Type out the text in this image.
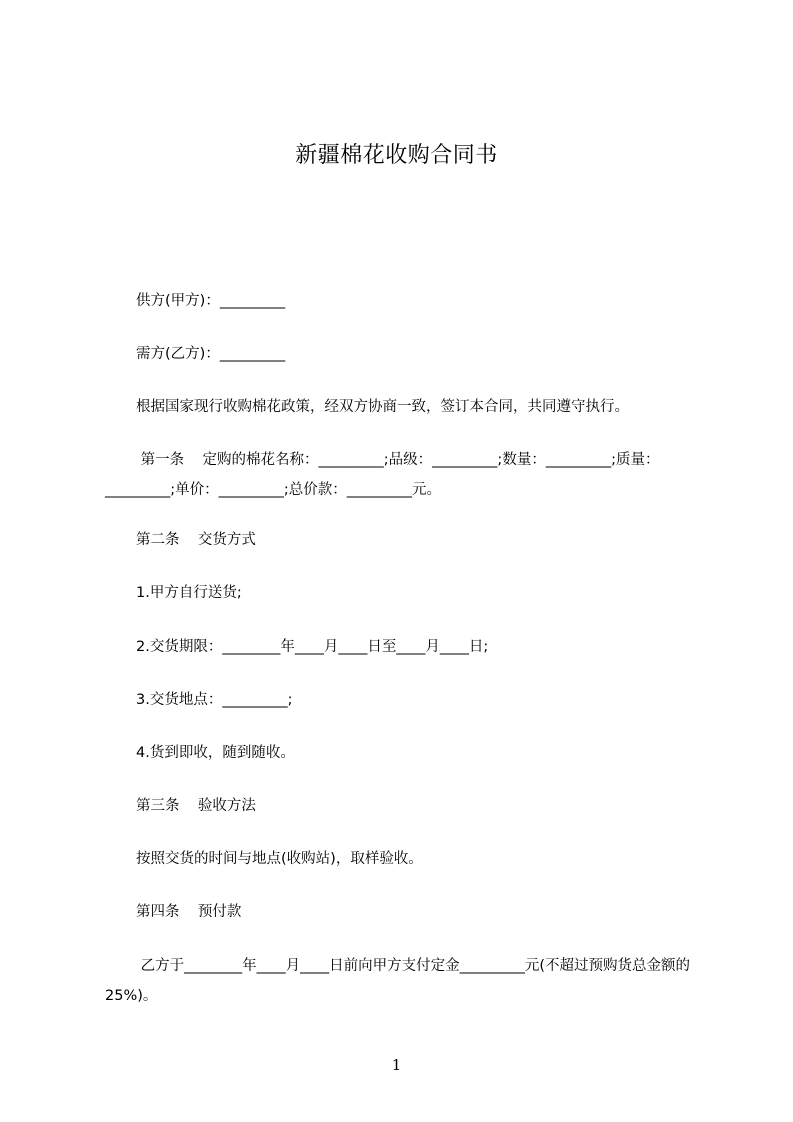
新疆棉花收购合同书

供方(甲方)：_________

需方(乙方)：_________

根据国家现行收购棉花政策，经双方协商一致，签订本合同，共同遵守执行。

第一条    定购的棉花名称：_________;品级：_________;数量：_________;质量：_________;单价：_________;总价款：_________元。

第二条    交货方式

1.甲方自行送货;

2.交货期限：________年____月____日至____月____日;

3.交货地点：_________;

4.货到即收，随到随收。

第三条    验收方法

按照交货的时间与地点(收购站)，取样验收。

第四条    预付款

乙方于________年____月____日前向甲方支付定金_________元(不超过预购货总金额的 25%)。

1
